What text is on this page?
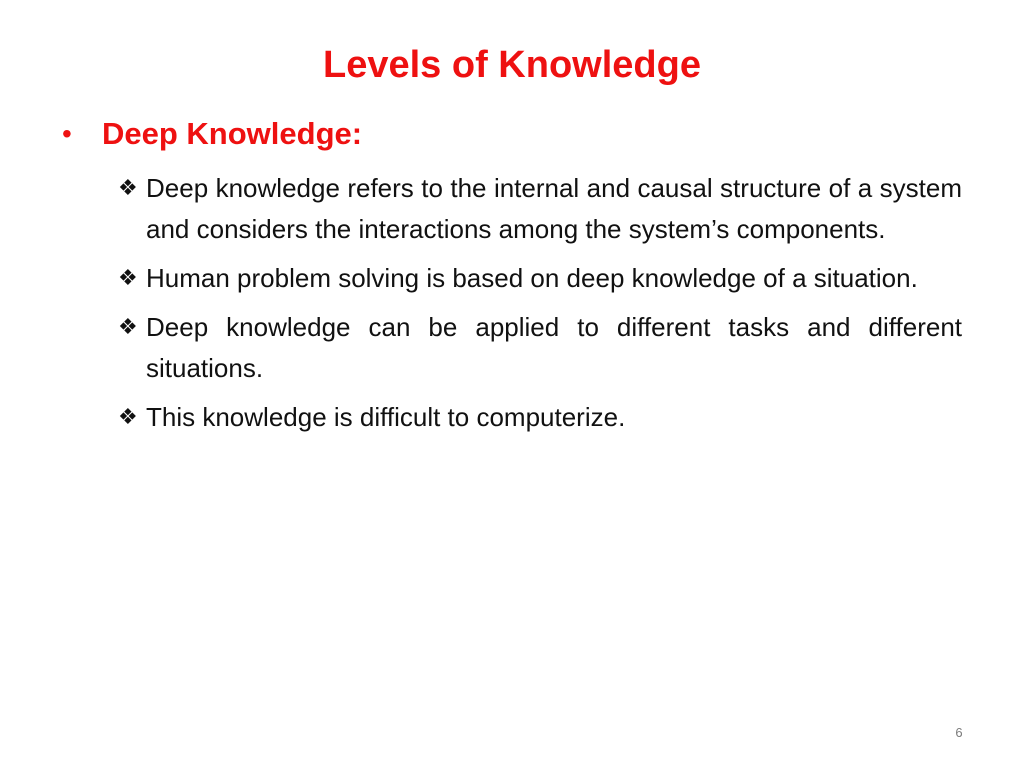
Levels of Knowledge
• Deep Knowledge:
❖ Deep knowledge refers to the internal and causal structure of a system and considers the interactions among the system’s components.
❖ Human problem solving is based on deep knowledge of a situation.
❖ Deep knowledge can be applied to different tasks and different situations.
❖ This knowledge is difficult to computerize.
6
